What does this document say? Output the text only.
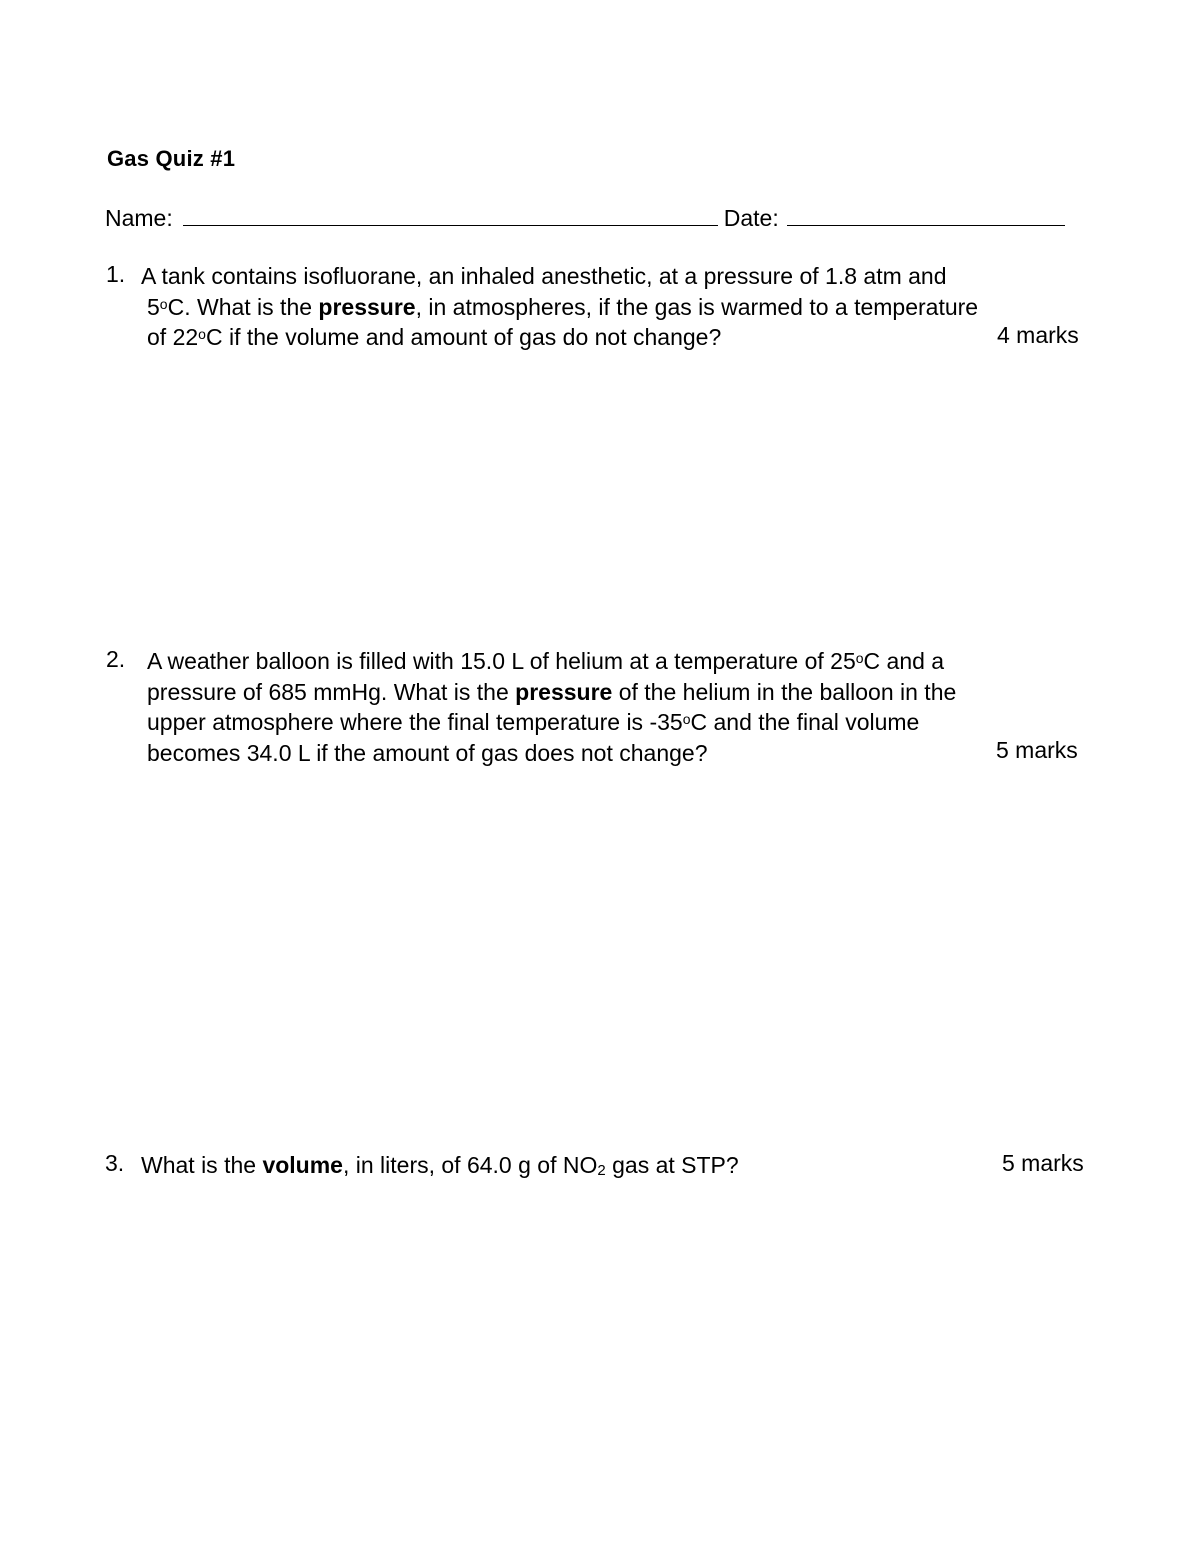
Gas Quiz #1
Name:	Date:
1. A tank contains isofluorane, an inhaled anesthetic, at a pressure of 1.8 atm and
5$^o$C. What is the pressure, in atmospheres, if the gas is warmed to a temperature
of 22$^o$C if the volume and amount of gas do not change?	4 marks
2. A weather balloon is filled with 15.0 L of helium at a temperature of 25$^o$C and a
pressure of 685 mmHg. What is the pressure of the helium in the balloon in the
upper atmosphere where the final temperature is -35$^o$C and the final volume
becomes 34.0 L if the amount of gas does not change?	5 marks
3. What is the volume, in liters, of 64.0 g of $NO_2$ gas at STP?	5 marks
